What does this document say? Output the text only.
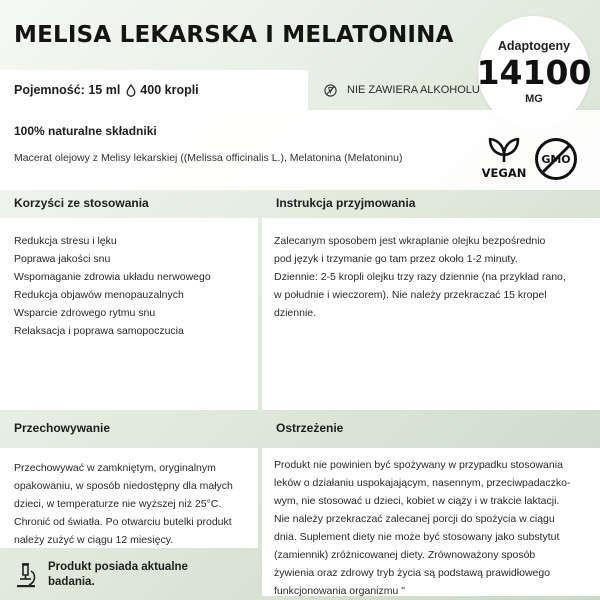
MELISA LEKARSKA I MELATONINA	Adaptogeny
14100
MG
Pojemność: 15 ml 400 kropli	NIE ZAWIERA ALKOHOLU
100% naturalne składniki
Macerat olejowy z Melisy lekarskiej ((Melissa officinalis L.), Melatonina (Melatoninu)
VEGAN
GMO
Korzyści ze stosowania	Instrukcja przyjmowania
Redukcja stresu i lęku
Poprawa jakości snu
Wspomaganie zdrowia układu nerwowego
Redukcja objawów menopauzalnych
Wsparcie zdrowego rytmu snu
Relaksacja i poprawa samopoczucia
Zalecanym sposobem jest wkraplanie olejku bezpośrednio
pod język i trzymanie go tam przez około 1-2 minuty.
Dziennie: 2-5 kropli olejku trzy razy dziennie (na przykład rano,
w południe i wieczorem). Nie należy przekraczać 15 kropel
dziennie.
Przechowywanie	Ostrzeżenie
Przechowywać w zamkniętym, oryginalnym
opakowaniu, w sposób niedostępny dla małych
dzieci, w temperaturze nie wyższej niż 25°C.
Chronić od światła. Po otwarciu butelki produkt
należy zużyć w ciągu 12 miesięcy.
Produkt nie powinien być spożywany w przypadku stosowania
leków o działaniu uspokajającym, nasennym, przeciwpadaczko-
wym, nie stosować u dzieci, kobiet w ciąży i w trakcie laktacji.
Nie należy przekraczać zalecanej porcji do spożycia w ciągu
dnia. Suplement diety nie może być stosowany jako substytut
(zamiennik) zróżnicowanej diety. Zrównoważony sposób
żywienia oraz zdrowy tryb życia są podstawą prawidłowego
funkcjonowania organizmu "
Produkt posiada aktualne
badania.
